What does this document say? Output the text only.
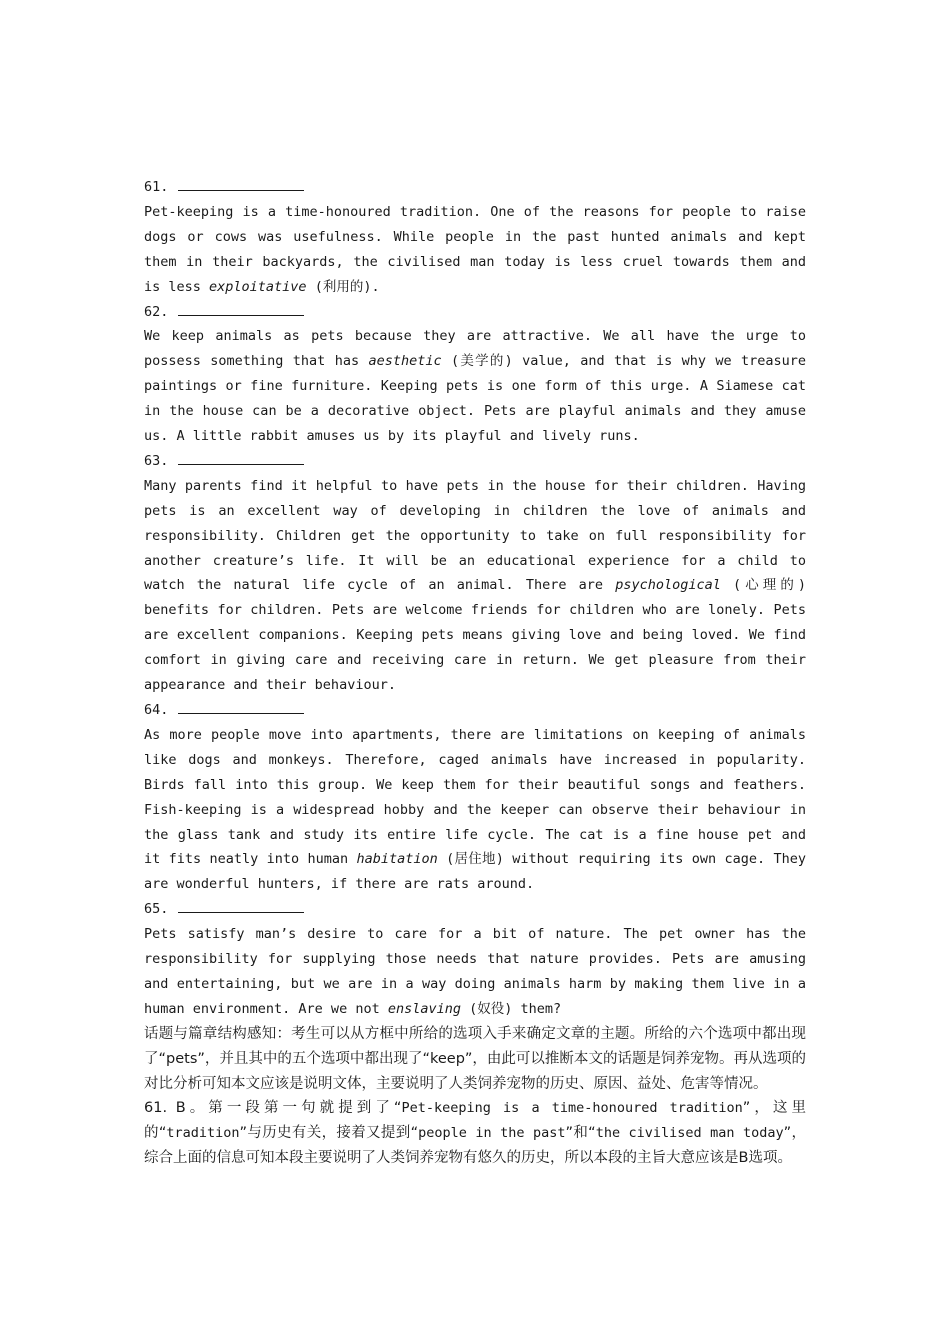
61.

Pet-keeping is a time-honoured tradition. One of the reasons for people to raise dogs or cows was usefulness. While people in the past hunted animals and kept them in their backyards, the civilised man today is less cruel towards them and is less exploitative (利用的).

62.

We keep animals as pets because they are attractive. We all have the urge to possess something that has aesthetic (美学的) value, and that is why we treasure paintings or fine furniture. Keeping pets is one form of this urge. A Siamese cat in the house can be a decorative object. Pets are playful animals and they amuse us. A little rabbit amuses us by its playful and lively runs.

63.

Many parents find it helpful to have pets in the house for their children. Having pets is an excellent way of developing in children the love of animals and responsibility. Children get the opportunity to take on full responsibility for another creature’s life. It will be an educational experience for a child to watch the natural life cycle of an animal. There are psychological (心理的) benefits for children. Pets are welcome friends for children who are lonely. Pets are excellent companions. Keeping pets means giving love and being loved. We find comfort in giving care and receiving care in return. We get pleasure from their appearance and their behaviour.

64.

As more people move into apartments, there are limitations on keeping of animals like dogs and monkeys. Therefore, caged animals have increased in popularity. Birds fall into this group. We keep them for their beautiful songs and feathers. Fish-keeping is a widespread hobby and the keeper can observe their behaviour in the glass tank and study its entire life cycle. The cat is a fine house pet and it fits neatly into human habitation (居住地) without requiring its own cage. They are wonderful hunters, if there are rats around.

65.

Pets satisfy man’s desire to care for a bit of nature. The pet owner has the responsibility for supplying those needs that nature provides. Pets are amusing and entertaining, but we are in a way doing animals harm by making them live in a human environment. Are we not enslaving (奴役) them?

话题与篇章结构感知：考生可以从方框中所给的选项入手来确定文章的主题。所给的六个选项中都出现了“pets”，并且其中的五个选项中都出现了“keep”，由此可以推断本文的话题是饲养宠物。再从选项的对比分析可知本文应该是说明文体，主要说明了人类饲养宠物的历史、原因、益处、危害等情况。

61. B。第一段第一句就提到了“Pet-keeping is a time-honoured tradition”，这里的“tradition”与历史有关，接着又提到“people in the past”和“the civilised man today”，综合上面的信息可知本段主要说明了人类饲养宠物有悠久的历史，所以本段的主旨大意应该是B选项。
